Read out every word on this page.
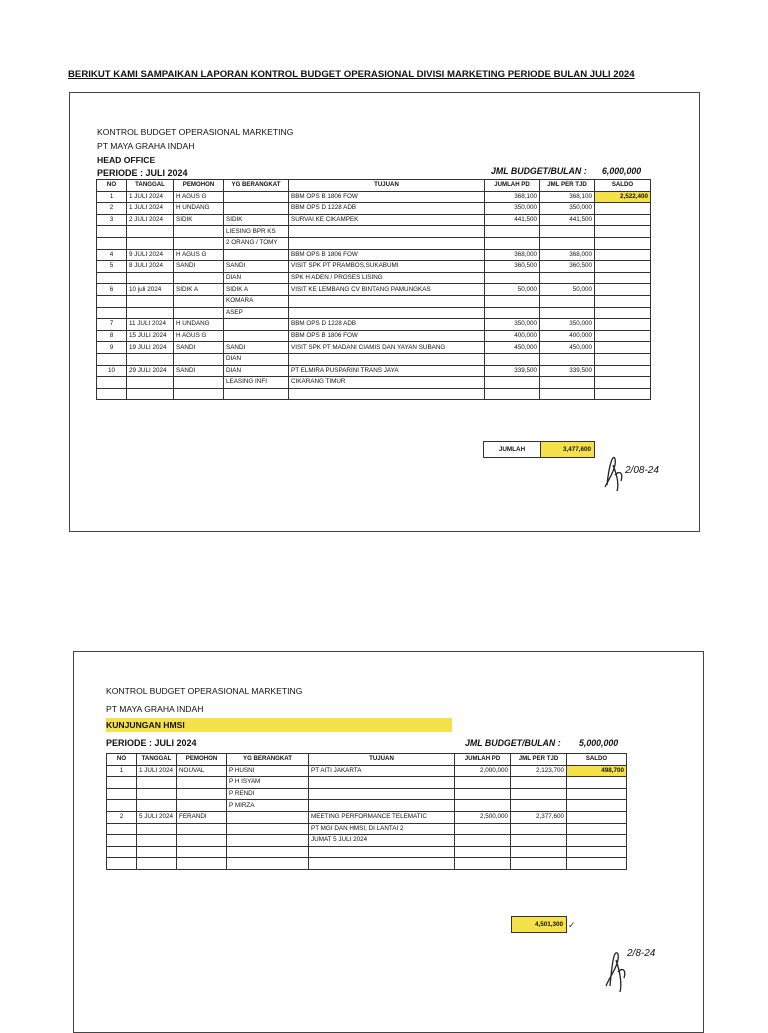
BERIKUT KAMI SAMPAIKAN LAPORAN KONTROL BUDGET OPERASIONAL DIVISI MARKETING PERIODE BULAN JULI 2024
KONTROL BUDGET OPERASIONAL MARKETING
PT MAYA GRAHA INDAH
HEAD OFFICE
PERIODE : JULI 2024	JML BUDGET/BULAN : 6,000,000
NO	TANGGAL	PEMOHON	YG BERANGKAT	TUJUAN	JUMLAH PD	JML PER TJD	SALDO
1	1 JULI 2024	H AGUS G		BBM OPS B 1806 FOW	368,100	368,100	2,522,400
2	1 JULI 2024	H UNDANG		BBM OPS D 1228 ADB	350,000	350,000	
3	2 JULI 2024	SIDIK	SIDIK	SURVAI KE CIKAMPEK	441,500	441,500	
			LIESING BPR KS				
			2 ORANG / TOMY				
4	9 JULI 2024	H AGUS G		BBM OPS B 1806 FOW	368,000	368,000	
5	8 JULI 2024	SANDI	SANDI	VISIT SPK PT PRAMBOS,SUKABUMI	360,500	360,500	
			DIAN	SPK H ADEN / PROSES LISING			
6	10 juli 2024	SIDIK A	SIDIK A	VISIT KE LEMBANG CV BINTANG PAMUNGKAS	50,000	50,000	
			KOMARA				
			ASEP				
7	11 JULI 2024	H UNDANG		BBM OPS D 1228 ADB	350,000	350,000	
8	15 JULI 2024	H AGUS G		BBM OPS B 1806 FOW	400,000	400,000	
9	19 JULI 2024	SANDI	SANDI	VISIT SPK PT MADANI CIAMIS DAN YAYAN SUBANG	450,000	450,000	
			DIAN				
10	29 JULI 2024	SANDI	DIAN	PT ELMIRA PUSPARINI TRANS JAYA	339,500	339,500	
			LEASING INFI	CIKARANG TIMUR			

JUMLAH	3,477,600
2/08-24
KONTROL BUDGET OPERASIONAL MARKETING
PT MAYA GRAHA INDAH
KUNJUNGAN HMSI
PERIODE : JULI 2024	JML BUDGET/BULAN : 5,000,000
NO	TANGGAL	PEMOHON	YG BERANGKAT	TUJUAN	JUMLAH PD	JML PER TJD	SALDO
1	1 JULI 2024	NOUVAL	P HUSNI	PT AITI JAKARTA	2,000,000	2,123,700	498,700
			P H ISYAM				
			P RENDI				
			P MIRZA				
2	5 JULI 2024	FERANDI		MEETING PERFORMANCE TELEMATIC	2,500,000	2,377,600	
				PT MGI DAN HMSI, DI LANTAI 2			
				JUMAT 5 JULI 2024			

4,501,300 ✓
2/8-24
